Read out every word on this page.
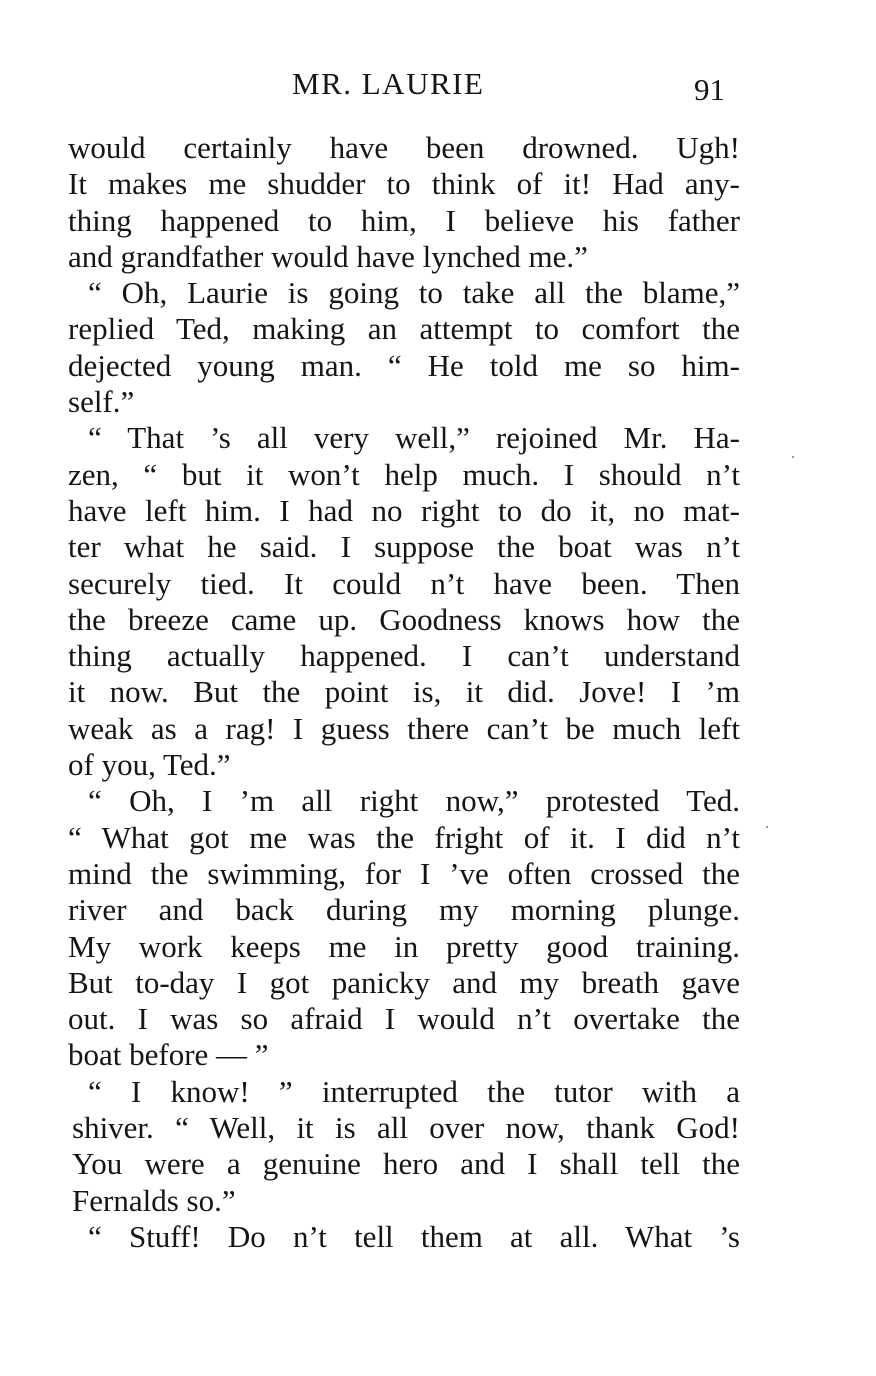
MR. LAURIE	91
would certainly have been drowned. Ugh!
It makes me shudder to think of it! Had any-
thing happened to him, I believe his father
and grandfather would have lynched me.”
“ Oh, Laurie is going to take all the blame,”
replied Ted, making an attempt to comfort the
dejected young man. “ He told me so him-
self.”
“ That ’s all very well,” rejoined Mr. Ha-
zen, “ but it won’t help much. I should n’t
have left him. I had no right to do it, no mat-
ter what he said. I suppose the boat was n’t
securely tied. It could n’t have been. Then
the breeze came up. Goodness knows how the
thing actually happened. I can’t understand
it now. But the point is, it did. Jove! I ’m
weak as a rag! I guess there can’t be much left
of you, Ted.”
“ Oh, I ’m all right now,” protested Ted.
“ What got me was the fright of it. I did n’t
mind the swimming, for I ’ve often crossed the
river and back during my morning plunge.
My work keeps me in pretty good training.
But to-day I got panicky and my breath gave
out. I was so afraid I would n’t overtake the
boat before — ”
“ I know! ” interrupted the tutor with a
shiver. “ Well, it is all over now, thank God!
You were a genuine hero and I shall tell the
Fernalds so.”
“ Stuff! Do n’t tell them at all. What ’s
